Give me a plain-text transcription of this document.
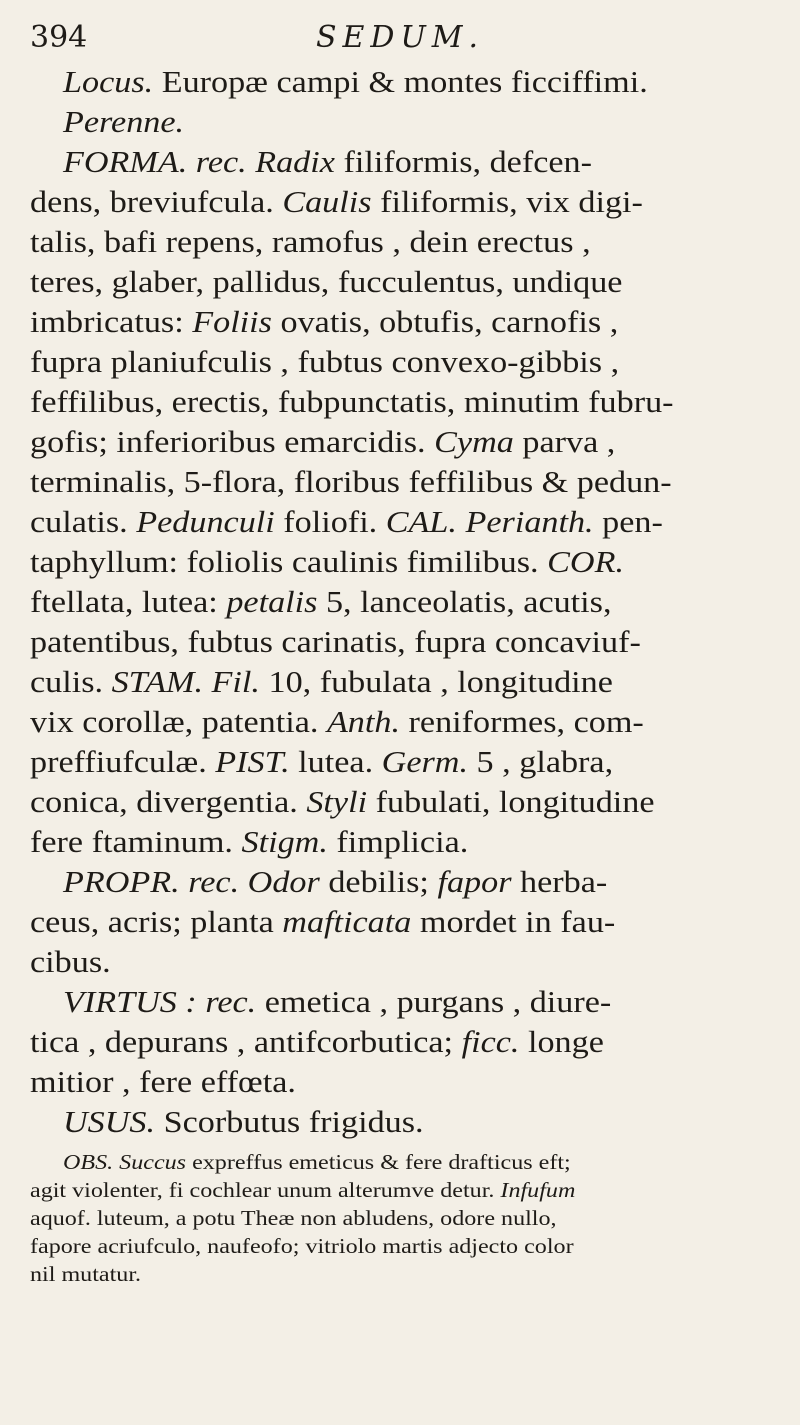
394	SEDUM.
Locus. Europæ campi & montes ficciffimi.
Perenne.
FORMA. rec. Radix filiformis, defcen-
dens, breviufcula. Caulis filiformis, vix digi-
talis, bafi repens, ramofus , dein erectus ,
teres, glaber, pallidus, fucculentus, undique
imbricatus: Foliis ovatis, obtufis, carnofis ,
fupra planiufculis , fubtus convexo-gibbis ,
feffilibus, erectis, fubpunctatis, minutim fubru-
gofis; inferioribus emarcidis. Cyma parva ,
terminalis, 5-flora, floribus feffilibus & pedun-
culatis. Pedunculi foliofi. CAL. Perianth. pen-
taphyllum: foliolis caulinis fimilibus. COR.
ftellata, lutea: petalis 5, lanceolatis, acutis,
patentibus, fubtus carinatis, fupra concaviuf-
culis. STAM. Fil. 10, fubulata , longitudine
vix corollæ, patentia. Anth. reniformes, com-
preffiufculæ. PIST. lutea. Germ. 5 , glabra,
conica, divergentia. Styli fubulati, longitudine
fere ftaminum. Stigm. fimplicia.
PROPR. rec. Odor debilis; fapor herba-
ceus, acris; planta mafticata mordet in fau-
cibus.
VIRTUS : rec. emetica , purgans , diure-
tica , depurans , antifcorbutica; ficc. longe
mitior , fere effœta.
USUS. Scorbutus frigidus.
OBS. Succus expreffus emeticus & fere drafticus eft;
agit violenter, fi cochlear unum alterumve detur. Infufum
aquof. luteum, a potu Theæ non abludens, odore nullo,
fapore acriufculo, naufeofo; vitriolo martis adjecto color
nil mutatur.
